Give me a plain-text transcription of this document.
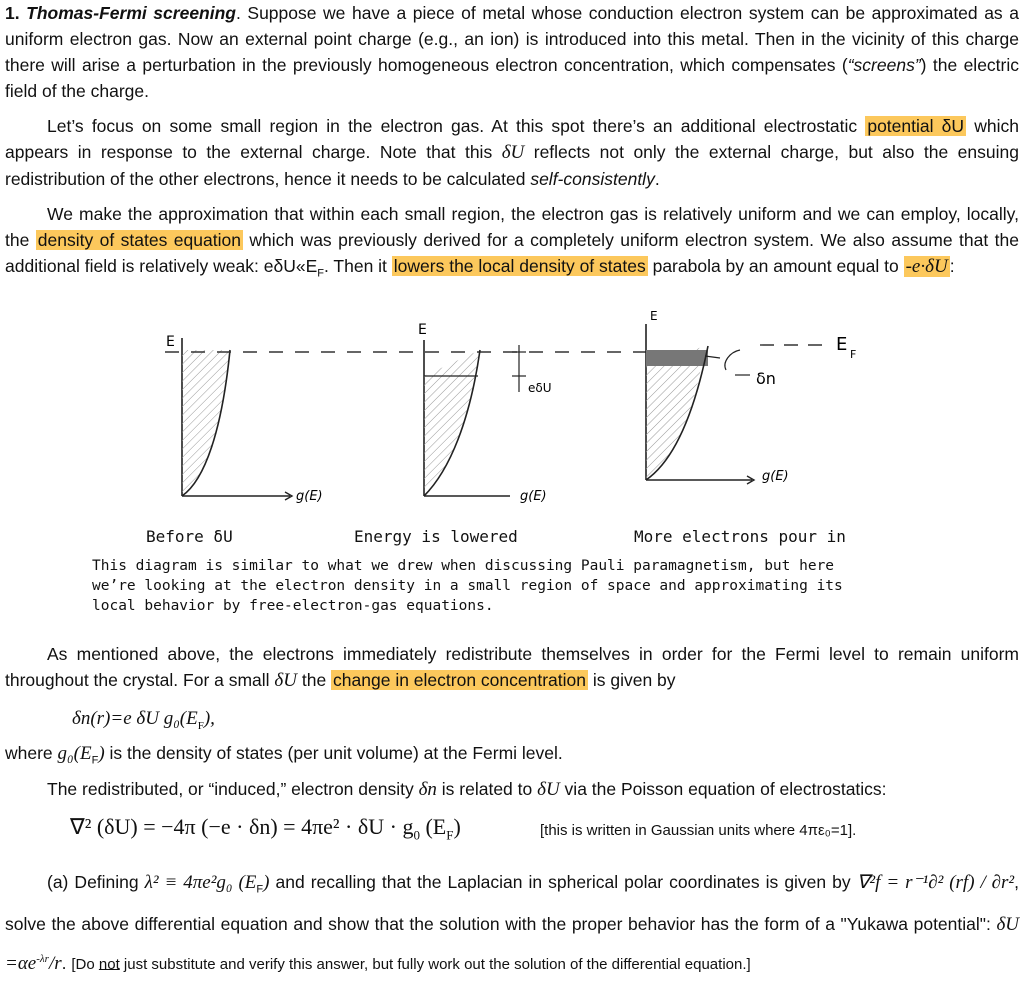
1. Thomas-Fermi screening. Suppose we have a piece of metal whose conduction electron system can be approximated as a uniform electron gas. Now an external point charge (e.g., an ion) is introduced into this metal. Then in the vicinity of this charge there will arise a perturbation in the previously homogeneous electron concentration, which compensates (“screens”) the electric field of the charge.
Let’s focus on some small region in the electron gas. At this spot there’s an additional electrostatic potential δU which appears in response to the external charge. Note that this δU reflects not only the external charge, but also the ensuing redistribution of the other electrons, hence it needs to be calculated self-consistently.
We make the approximation that within each small region, the electron gas is relatively uniform and we can employ, locally, the density of states equation which was previously derived for a completely uniform electron system. We also assume that the additional field is relatively weak: $e\delta U«E_F$. Then it lowers the local density of states parabola by an amount equal to -e·δU :
E
g(E)
E
eδU
g(E)
E
E F
δn
g(E)
Before δU	Energy is lowered	More electrons pour in
This diagram is similar to what we drew when discussing Pauli paramagnetism, but here
we’re looking at the electron density in a small region of space and approximating its
local behavior by free-electron-gas equations.
As mentioned above, the electrons immediately redistribute themselves in order for the Fermi level to remain uniform throughout the crystal. For a small δU the change in electron concentration is given by
δn(r)=e δU $g_0(E_F)$,
where $g_0(E_F)$ is the density of states (per unit volume) at the Fermi level.
The redistributed, or “induced,” electron density δn is related to δU via the Poisson equation of electrostatics:
∇² (δU) = −4π $(-e \cdot \delta n) = 4\pi e^2 \cdot \delta U \cdot g_0$ $(E_F)$	[this is written in Gaussian units where 4πε₀=1].
(a) Defining λ² ≡ 4πe²g₀ $(E_F)$ and recalling that the Laplacian in spherical polar coordinates is given by ∇²f = r⁻¹∂² (rf) / ∂r², solve the above differential equation and show that the solution with the proper behavior has the form of a "Yukawa potential": $\delta U =\alpha e^{-\lambda r}/r$. [Do not just substitute and verify this answer, but fully work out the solution of the differential equation.]
